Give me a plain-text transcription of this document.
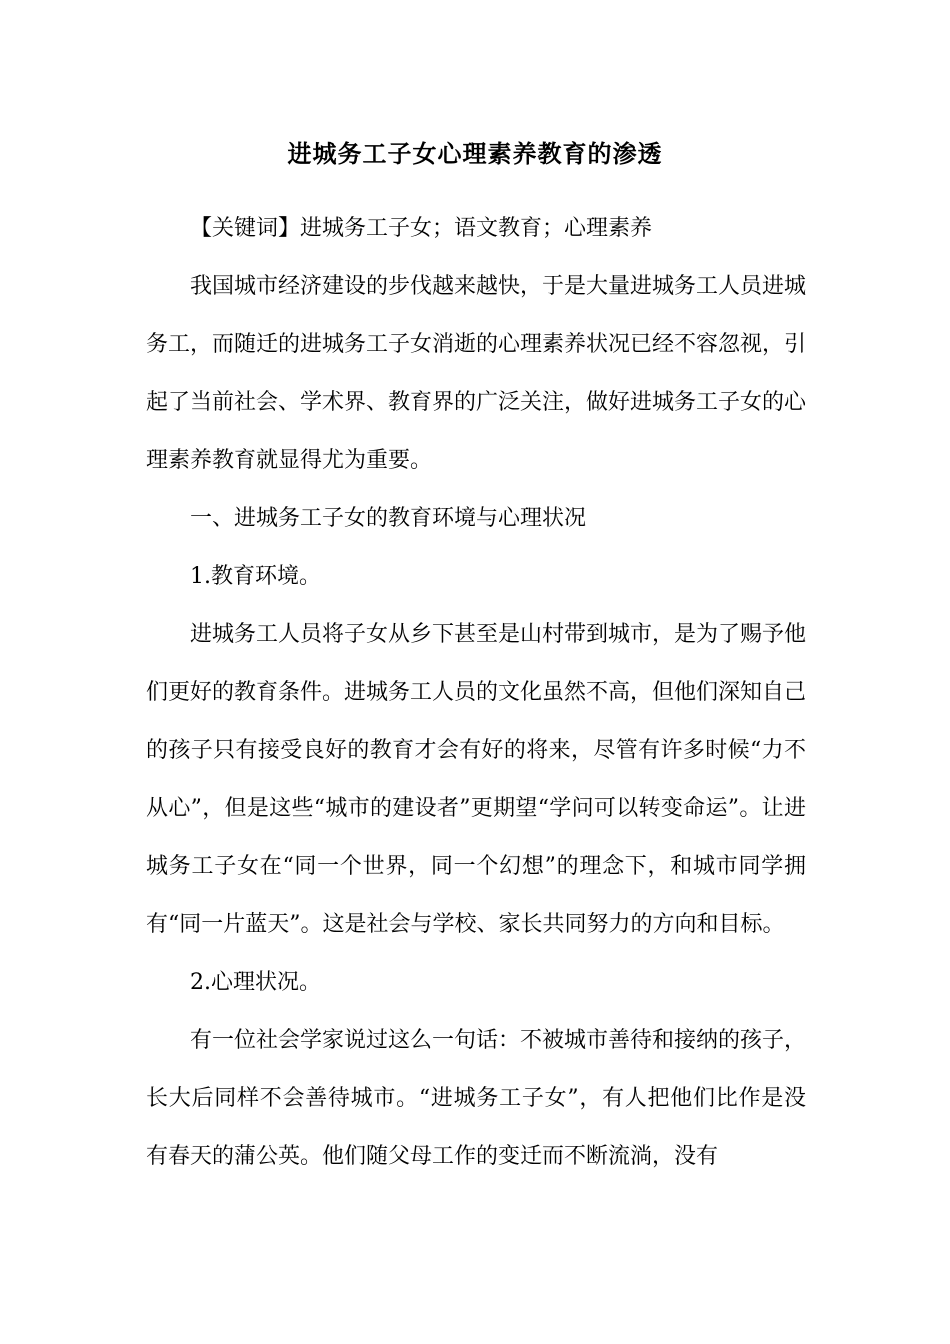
进城务工子女心理素养教育的渗透

【关键词】进城务工子女；语文教育；心理素养

我国城市经济建设的步伐越来越快，于是大量进城务工人员进城务工，而随迁的进城务工子女消逝的心理素养状况已经不容忽视，引起了当前社会、学术界、教育界的广泛关注，做好进城务工子女的心理素养教育就显得尤为重要。

一、进城务工子女的教育环境与心理状况

1.教育环境。

进城务工人员将子女从乡下甚至是山村带到城市，是为了赐予他们更好的教育条件。进城务工人员的文化虽然不高，但他们深知自己的孩子只有接受良好的教育才会有好的将来，尽管有许多时候“力不从心”，但是这些“城市的建设者”更期望“学问可以转变命运”。让进城务工子女在“同一个世界，同一个幻想”的理念下，和城市同学拥有“同一片蓝天”。这是社会与学校、家长共同努力的方向和目标。

2.心理状况。

有一位社会学家说过这么一句话：不被城市善待和接纳的孩子，长大后同样不会善待城市。“进城务工子女”，有人把他们比作是没有春天的蒲公英。他们随父母工作的变迁而不断流淌，没有
